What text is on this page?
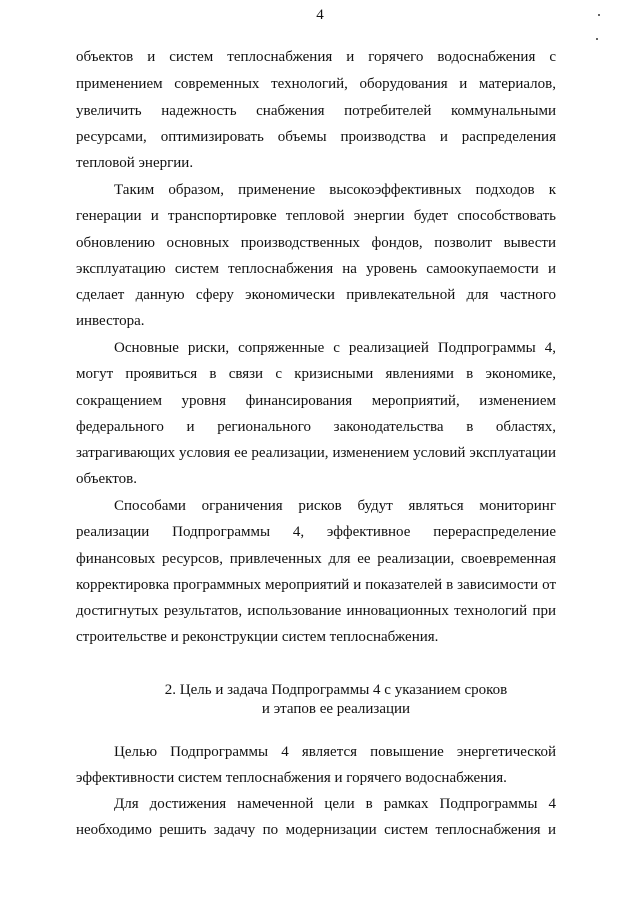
4
объектов и систем теплоснабжения и горячего водоснабжения с
применением современных технологий, оборудования и материалов,
увеличить надежность снабжения потребителей коммунальными
ресурсами, оптимизировать объемы производства и распределения
тепловой энергии.
Таким образом, применение высокоэффективных подходов к
генерации и транспортировке тепловой энергии будет способствовать
обновлению основных производственных фондов, позволит вывести
эксплуатацию систем теплоснабжения на уровень самоокупаемости и
сделает данную сферу экономически привлекательной для частного
инвестора.
Основные риски, сопряженные с реализацией Подпрограммы 4,
могут проявиться в связи с кризисными явлениями в экономике,
сокращением уровня финансирования мероприятий, изменением
федерального и регионального законодательства в областях,
затрагивающих условия ее реализации, изменением условий эксплуатации
объектов.
Способами ограничения рисков будут являться мониторинг
реализации Подпрограммы 4, эффективное перераспределение
финансовых ресурсов, привлеченных для ее реализации, своевременная
корректировка программных мероприятий и показателей в зависимости от
достигнутых результатов, использование инновационных технологий при
строительстве и реконструкции систем теплоснабжения.
2. Цель и задача Подпрограммы 4 с указанием сроков
и этапов ее реализации
Целью Подпрограммы 4 является повышение энергетической
эффективности систем теплоснабжения и горячего водоснабжения.
Для достижения намеченной цели в рамках Подпрограммы 4
необходимо решить задачу по модернизации систем теплоснабжения и
